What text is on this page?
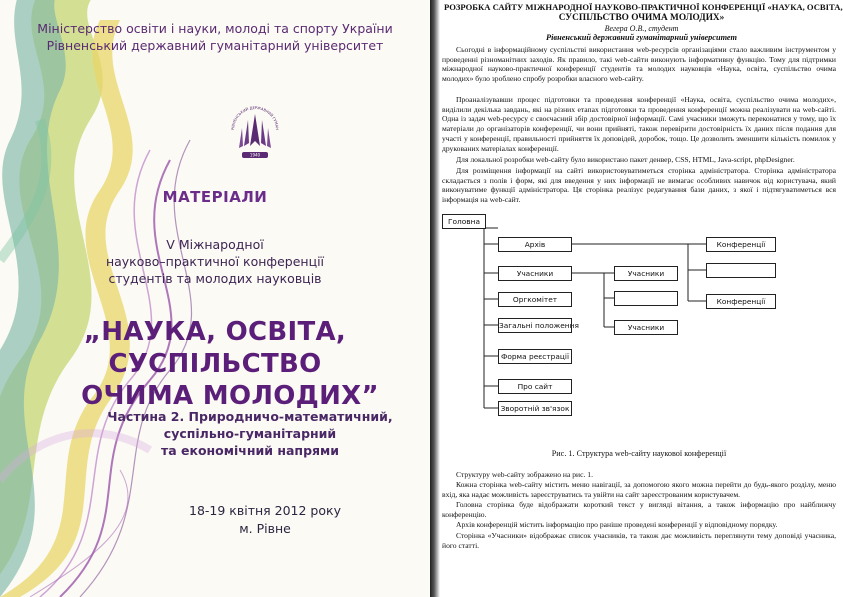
Міністерство освіти і науки, молоді та спорту України
Рівненський державний гуманітарний університет
РІВНЕНСЬКИЙ ДЕРЖАВНИЙ ГУМАН
1940
МАТЕРІАЛИ
V Міжнародної
науково–практичної конференції
студентів та молодих науковців
„НАУКА, ОСВІТА, СУСПІЛЬСТВО
ОЧИМА МОЛОДИХ”
Частина 2. Природничо-математичний,
суспільно-гуманітарний
та економічний напрями
18-19 квітня 2012 року
м. Рівне
РОЗРОБКА САЙТУ МІЖНАРОДНОЇ НАУКОВО-ПРАКТИЧНОЇ КОНФЕРЕНЦІЇ «НАУКА, ОСВІТА,
СУСПІЛЬСТВО ОЧИМА МОЛОДИХ»
Вегера О.В., студент
Рівненський державний гуманітарний університет
Сьогодні в інформаційному суспільстві використання web-ресурсів організаціями стало важливим інструментом у проведенні різноманітних заходів. Як правило, такі web-сайти виконують інформативну функцію. Тому для підтримки міжнародної науково-практичної конференції студентів та молодих науковців «Наука, освіта, суспільство очима молодих» було зроблено спробу розробки власного web-сайту.
Проаналізувавши процес підготовки та проведення конференції «Наука, освіта, суспільство очима молодих», виділили декілька завдань, які на різних етапах підготовки та проведення конференції можна реалізувати на web-сайті. Одна із задач web-ресурсу є своєчасний збір достовірної інформації. Самі учасники зможуть переконатися у тому, що їх матеріали до організаторів конференції, чи вони прийняті, також перевірити достовірність їх даних після подання для участі у конференції, правильності прийняття їх доповідей, доробок, тощо. Це дозволить зменшити кількість помилок у друкованих матеріалах конференції.
Для локальної розробки web-сайту було використано пакет денвер, CSS, HTML, Java-script, phpDesigner.
Для розміщення інформації на сайті використовуватиметься сторінка адміністратора. Сторінка адміністратора складається з полів і форм, які для введення у них інформації не вимагає особливих навичок від користувача, який виконуватиме функції адміністратора. Ця сторінка реалізує редагування бази даних, з якої і підтягуватиметься вся інформація на web-сайт.
Головна
Архів
Учасники
Оргкомітет
Загальні положення
Форма реєстрації
Про сайт
Зворотній зв'язок
Учасники
Учасники
Конференції
Конференції
Рис. 1. Структура web-сайту наукової конференції
Структуру web-сайту зображено на рис. 1.
Кожна сторінка web-сайту містить меню навігації, за допомогою якого можна перейти до будь-якого розділу, меню вхід, яка надає можливість зареєструватись та увійти на сайт зареєстрованим користувачем.
Головна сторінка буде відображати короткий текст у вигляді вітання, а також інформацію про найближчу конференцію.
Архів конференцій містить інформацію про раніше проведені конференції у відповідному порядку.
Сторінка «Учасники» відображає список учасників, та також дає можливість переглянути тему доповіді учасника, його статті.
